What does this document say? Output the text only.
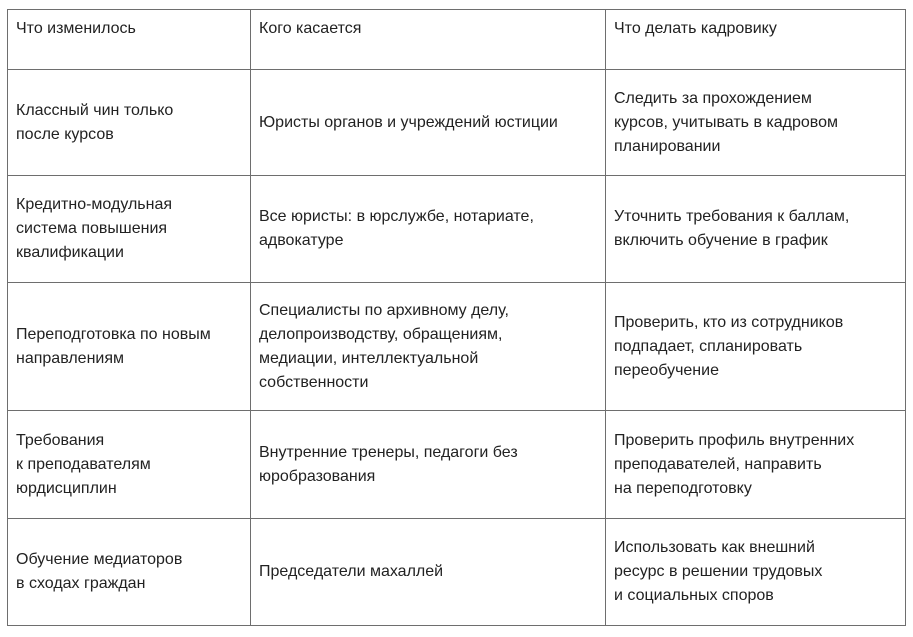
Что изменилось	Кого касается	Что делать кадровику

Классный чин только
после курсов	Юристы органов и учреждений юстиции	Следить за прохождением
курсов, учитывать в кадровом
планировании

Кредитно-модульная
система повышения
квалификации	Все юристы: в юрслужбе, нотариате,
адвокатуре	Уточнить требования к баллам,
включить обучение в график

Переподготовка по новым
направлениям	Специалисты по архивному делу,
делопроизводству, обращениям,
медиации, интеллектуальной
собственности	Проверить, кто из сотрудников
подпадает, спланировать
переобучение

Требования
к преподавателям
юрдисциплин	Внутренние тренеры, педагоги без
юробразования	Проверить профиль внутренних
преподавателей, направить
на переподготовку

Обучение медиаторов
в сходах граждан	Председатели махаллей	Использовать как внешний
ресурс в решении трудовых
и социальных споров
